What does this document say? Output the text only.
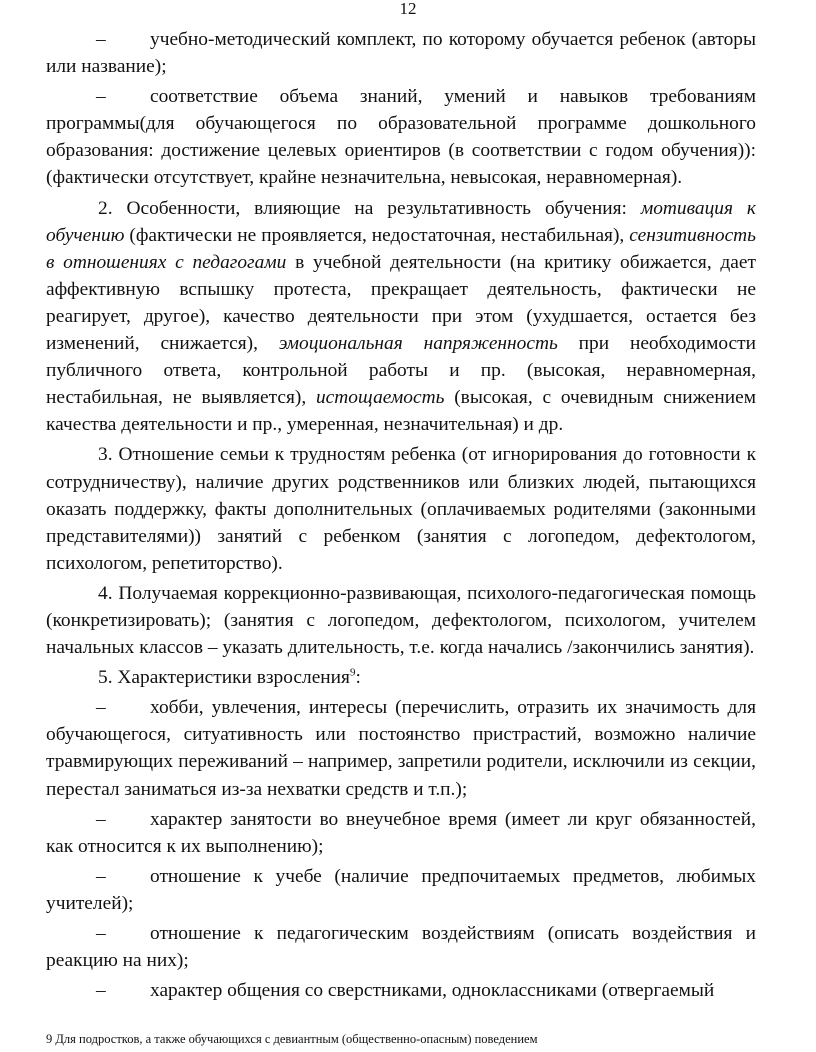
12

– учебно-методический комплект, по которому обучается ребенок (авторы или название);

– соответствие объема знаний, умений и навыков требованиям программы(для обучающегося по образовательной программе дошкольного образования: достижение целевых ориентиров (в соответствии с годом обучения)): (фактически отсутствует, крайне незначительна, невысокая, неравномерная).

2. Особенности, влияющие на результативность обучения: мотивация к обучению (фактически не проявляется, недостаточная, нестабильная), сензитивность в отношениях с педагогами в учебной деятельности (на критику обижается, дает аффективную вспышку протеста, прекращает деятельность, фактически не реагирует, другое), качество деятельности при этом (ухудшается, остается без изменений, снижается), эмоциональная напряженность при необходимости публичного ответа, контрольной работы и пр. (высокая, неравномерная, нестабильная, не выявляется), истощаемость (высокая, с очевидным снижением качества деятельности и пр., умеренная, незначительная) и др.

3. Отношение семьи к трудностям ребенка (от игнорирования до готовности к сотрудничеству), наличие других родственников или близких людей, пытающихся оказать поддержку, факты дополнительных (оплачиваемых родителями (законными представителями)) занятий с ребенком (занятия с логопедом, дефектологом, психологом, репетиторство).

4. Получаемая коррекционно-развивающая, психолого-педагогическая помощь (конкретизировать); (занятия с логопедом, дефектологом, психологом, учителем начальных классов – указать длительность, т.е. когда начались /закончились занятия).

5. Характеристики взросления$^9$:

– хобби, увлечения, интересы (перечислить, отразить их значимость для обучающегося, ситуативность или постоянство пристрастий, возможно наличие травмирующих переживаний – например, запретили родители, исключили из секции, перестал заниматься из-за нехватки средств и т.п.);

– характер занятости во внеучебное время (имеет ли круг обязанностей, как относится к их выполнению);

– отношение к учебе (наличие предпочитаемых предметов, любимых учителей);

– отношение к педагогическим воздействиям (описать воздействия и реакцию на них);

– характер общения со сверстниками, одноклассниками (отвергаемый

9 Для подростков, а также обучающихся с девиантным (общественно-опасным) поведением
